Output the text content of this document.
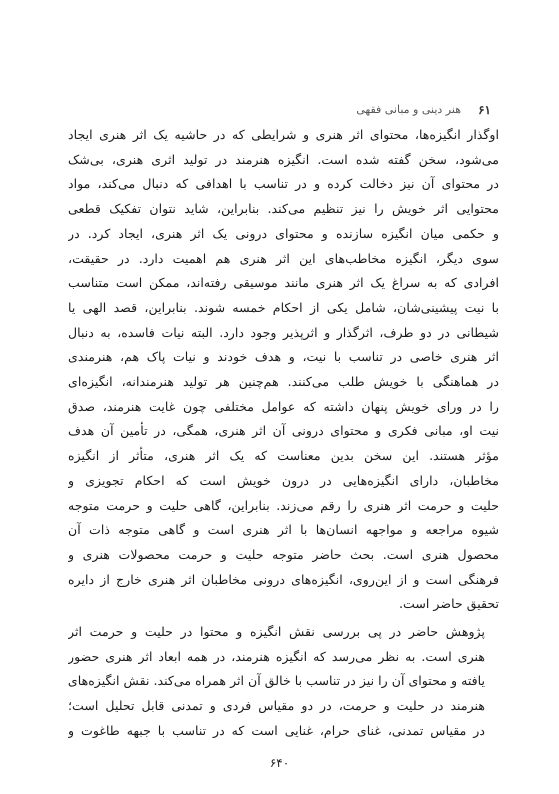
۶۱
هنر دینی و مبانی فقهی

اوگذار انگیزه‌ها، محتوای اثر هنری و شرایطی که در حاشیه یک اثر هنری ایجاد
می‌شود، سخن گفته شده است. انگیزه هنرمند در تولید اثری هنری، بی‌شک
در محتوای آن نیز دخالت کرده و در تناسب با اهدافی که دنبال می‌کند، مواد
محتوایی اثر خویش را نیز تنظیم می‌کند. بنابراین، شاید نتوان تفکیک قطعی
و حکمی میان انگیزه سازنده و محتوای درونی یک اثر هنری، ایجاد کرد. در
سوی دیگر، انگیزه مخاطب‌های این اثر هنری هم اهمیت دارد. در حقیقت،
افرادی که به سراغ یک اثر هنری مانند موسیقی رفته‌اند، ممکن است متناسب
با نیت پیشینی‌شان، شامل یکی از احکام خمسه شوند. بنابراین، قصد الهی یا
شیطانی در دو طرف، اثرگذار و اثرپذیر وجود دارد. البته نیات فاسده، به دنبال
اثر هنری خاصی در تناسب با نیت، و هدف خودند و نیات پاک هم، هنرمندی
در هماهنگی با خویش طلب می‌کنند. هم‌چنین هر تولید هنرمندانه، انگیزه‌ای
را در ورای خویش پنهان داشته که عوامل مختلفی چون غایت هنرمند، صدق
نیت او، مبانی فکری و محتوای درونی آن اثر هنری، همگی، در تأمین آن هدف
مؤثر هستند. این سخن بدین معناست که یک اثر هنری، متأثر از انگیزه
مخاطبان، دارای انگیزه‌هایی در درون خویش است که احکام تجویزی و
حلیت و حرمت اثر هنری را رقم می‌زند. بنابراین، گاهی حلیت و حرمت متوجه
شیوه مراجعه و مواجهه انسان‌ها با اثر هنری است و گاهی متوجه ذات آن
محصول هنری است. بحث حاضر متوجه حلیت و حرمت محصولات هنری و
فرهنگی است و از این‌روی، انگیزه‌های درونی مخاطبان اثر هنری خارج از دایره
تحقیق حاضر است.

پژوهش حاضر در پی بررسی نقش انگیزه و محتوا در حلیت و حرمت اثر
هنری است. به نظر می‌رسد که انگیزه هنرمند، در همه ابعاد اثر هنری حضور
یافته و محتوای آن را نیز در تناسب با خالق آن اثر همراه می‌کند. نقش انگیزه‌های
هنرمند در حلیت و حرمت، در دو مقیاس فردی و تمدنی قابل تحلیل است؛
در مقیاس تمدنی، غنای حرام، غنایی است که در تناسب با جبهه طاغوت و

۶۴۰
